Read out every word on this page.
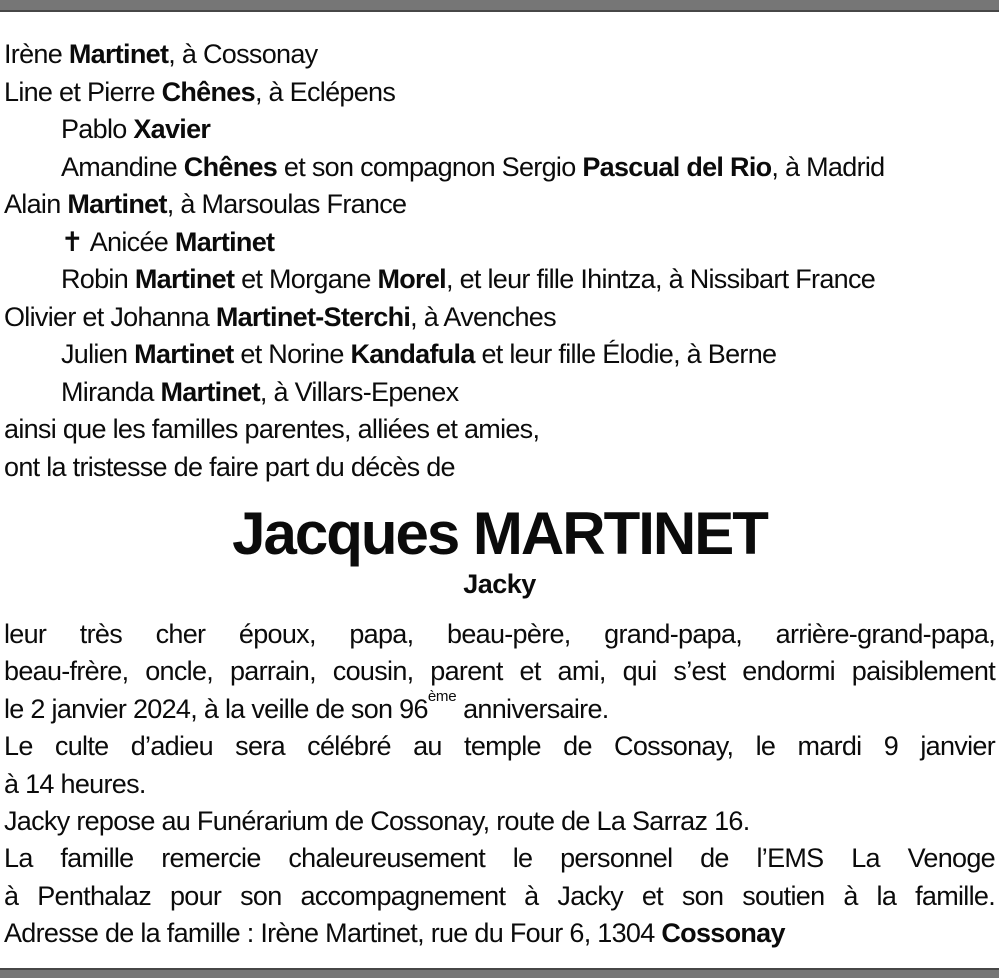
Irène Martinet, à Cossonay
Line et Pierre Chênes, à Eclépens
Pablo Xavier
Amandine Chênes et son compagnon Sergio Pascual del Rio, à Madrid
Alain Martinet, à Marsoulas France
✝ Anicée Martinet
Robin Martinet et Morgane Morel, et leur fille Ihintza, à Nissibart France
Olivier et Johanna Martinet-Sterchi, à Avenches
Julien Martinet et Norine Kandafula et leur fille Élodie, à Berne
Miranda Martinet, à Villars-Epenex
ainsi que les familles parentes, alliées et amies,
ont la tristesse de faire part du décès de
Jacques MARTINET
Jacky
leur très cher époux, papa, beau-père, grand-papa, arrière-grand-papa,
beau-frère, oncle, parrain, cousin, parent et ami, qui s’est endormi paisiblement
le 2 janvier 2024, à la veille de son 96ème anniversaire.
Le culte d’adieu sera célébré au temple de Cossonay, le mardi 9 janvier
à 14 heures.
Jacky repose au Funérarium de Cossonay, route de La Sarraz 16.
La famille remercie chaleureusement le personnel de l’EMS La Venoge
à Penthalaz pour son accompagnement à Jacky et son soutien à la famille.
Adresse de la famille : Irène Martinet, rue du Four 6, 1304 Cossonay
